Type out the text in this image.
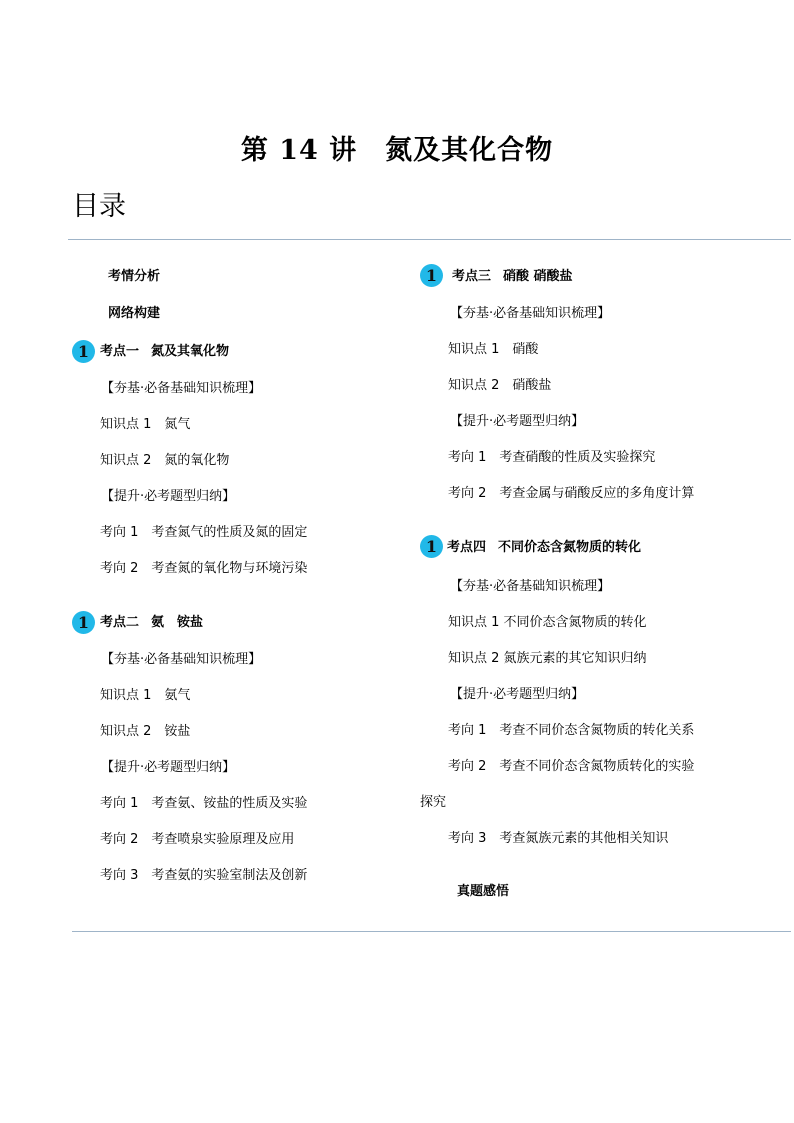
第 14 讲　氮及其化合物
目录
考情分析
网络构建
1 考点一 氮及其氧化物
【夯基·必备基础知识梳理】
知识点 1　氮气
知识点 2　氮的氧化物
【提升·必考题型归纳】
考向 1　考查氮气的性质及氮的固定
考向 2　考查氮的氧化物与环境污染
1 考点二 氨　铵盐
【夯基·必备基础知识梳理】
知识点 1　氨气
知识点 2　铵盐
【提升·必考题型归纳】
考向 1　考查氨、铵盐的性质及实验
考向 2　考查喷泉实验原理及应用
考向 3　考查氨的实验室制法及创新
1	考点三 硝酸 硝酸盐
【夯基·必备基础知识梳理】
知识点 1　硝酸
知识点 2　硝酸盐
【提升·必考题型归纳】
考向 1　考查硝酸的性质及实验探究
考向 2　考查金属与硝酸反应的多角度计算
1 考点四 不同价态含氮物质的转化
【夯基·必备基础知识梳理】
知识点 1 不同价态含氮物质的转化
知识点 2 氮族元素的其它知识归纳
【提升·必考题型归纳】
考向 1　考查不同价态含氮物质的转化关系
考向 2　考查不同价态含氮物质转化的实验
探究
考向 3　考查氮族元素的其他相关知识
真题感悟
